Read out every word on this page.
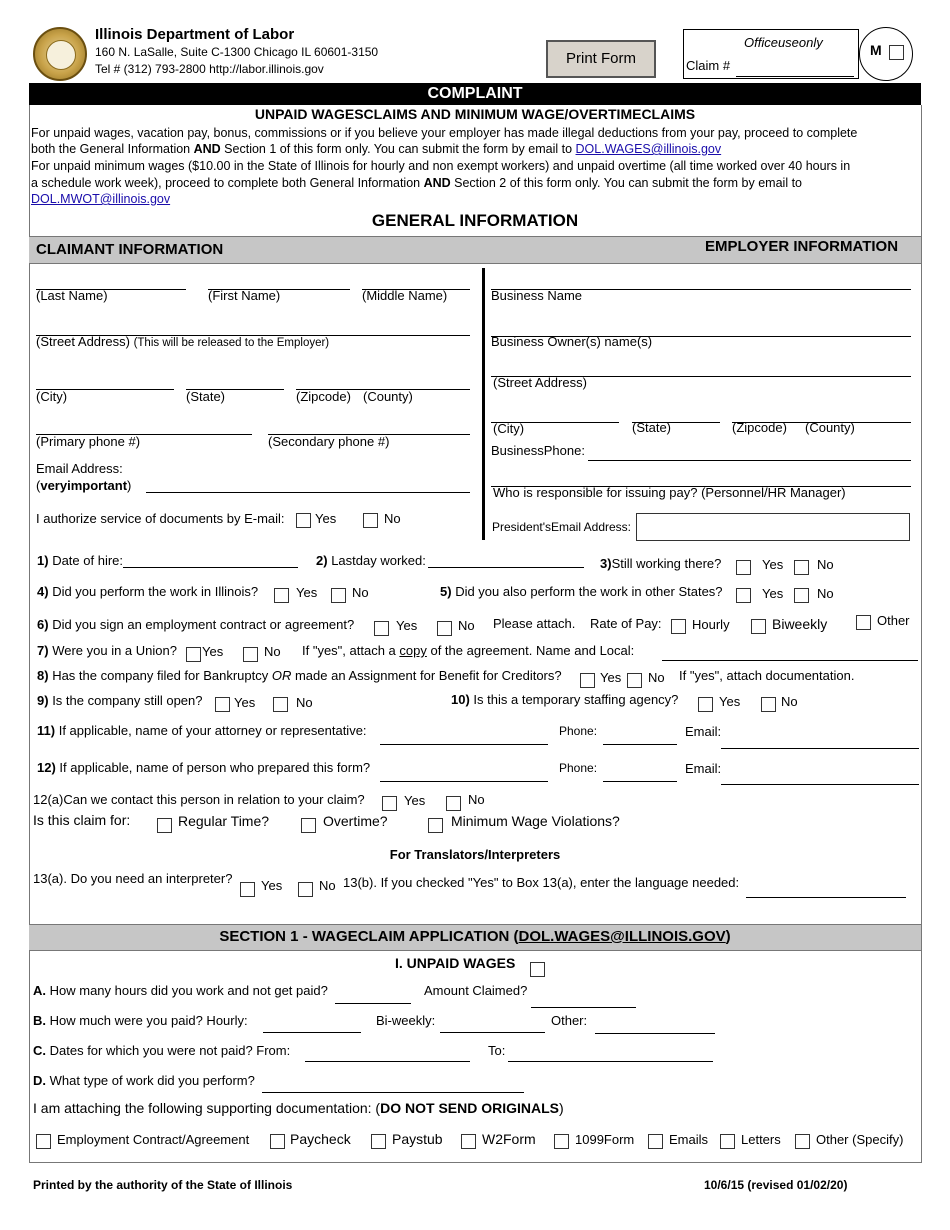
Illinois Department of Labor
160 N. LaSalle, Suite C-1300 Chicago IL 60601-3150
Tel # (312) 793-2800 http://labor.illinois.gov
Print Form
Officeuseonly
Claim #
M
COMPLAINT
UNPAID WAGESCLAIMS AND MINIMUM WAGE/OVERTIMECLAIMS
For unpaid wages, vacation pay, bonus, commissions or if you believe your employer has made illegal deductions from your pay, proceed to complete
both the General Information AND Section 1 of this form only. You can submit the form by email to DOL.WAGES@illinois.gov
For unpaid minimum wages ($10.00 in the State of Illinois for hourly and non exempt workers) and unpaid overtime (all time worked over 40 hours in
a schedule work week), proceed to complete both General Information AND Section 2 of this form only. You can submit the form by email to
DOL.MWOT@illinois.gov
GENERAL INFORMATION
CLAIMANT INFORMATION	EMPLOYER INFORMATION
(Last Name)	(First Name)	(Middle Name)
(Street Address) (This will be released to the Employer)
(City)	(State)	(Zipcode) (County)
(Primary phone #)	(Secondary phone #)
Email Address:
(veryimportant)
I authorize service of documents by E-mail: Yes	No
Business Name
Business Owner(s) name(s)
(Street Address)
(City)	(State)	(Zipcode) (County)
BusinessPhone:
Who is responsible for issuing pay? (Personnel/HR Manager)
President'sEmail Address:
1) Date of hire:	2) Lastday worked:	3)Still working there?	Yes	No
4) Did you perform the work in Illinois?	Yes	No	5) Did you also perform the work in other States?	Yes	No
6) Did you sign an employment contract or agreement?	Yes	No Please attach. Rate of Pay: Hourly	Biweekly	Other
7) Were you in a Union? Yes	No If "yes", attach a copy of the agreement. Name and Local:
8) Has the company filed for Bankruptcy OR made an Assignment for Benefit for Creditors?	Yes No If "yes", attach documentation.
9) Is the company still open? Yes	No	10) Is this a temporary staffing agency?	Yes	No
11) If applicable, name of your attorney or representative:	Phone:	Email:
12) If applicable, name of person who prepared this form?	Phone:	Email:
12(a)Can we contact this person in relation to your claim?	Yes	No
Is this claim for:	Regular Time?	Overtime?	Minimum Wage Violations?
For Translators/Interpreters
13(a). Do you need an interpreter? Yes	No 13(b). If you checked "Yes" to Box 13(a), enter the language needed:
SECTION 1 - WAGECLAIM APPLICATION (DOL.WAGES@ILLINOIS.GOV)
I. UNPAID WAGES
A. How many hours did you work and not get paid?	Amount Claimed?
B. How much were you paid? Hourly:	Bi-weekly:	Other:
C. Dates for which you were not paid? From:	To:
D. What type of work did you perform?
I am attaching the following supporting documentation: (DO NOT SEND ORIGINALS)
Employment Contract/Agreement	Paycheck	Paystub	W2Form	1099Form	Emails	Letters	Other (Specify)
Printed by the authority of the State of Illinois	10/6/15 (revised 01/02/20)
